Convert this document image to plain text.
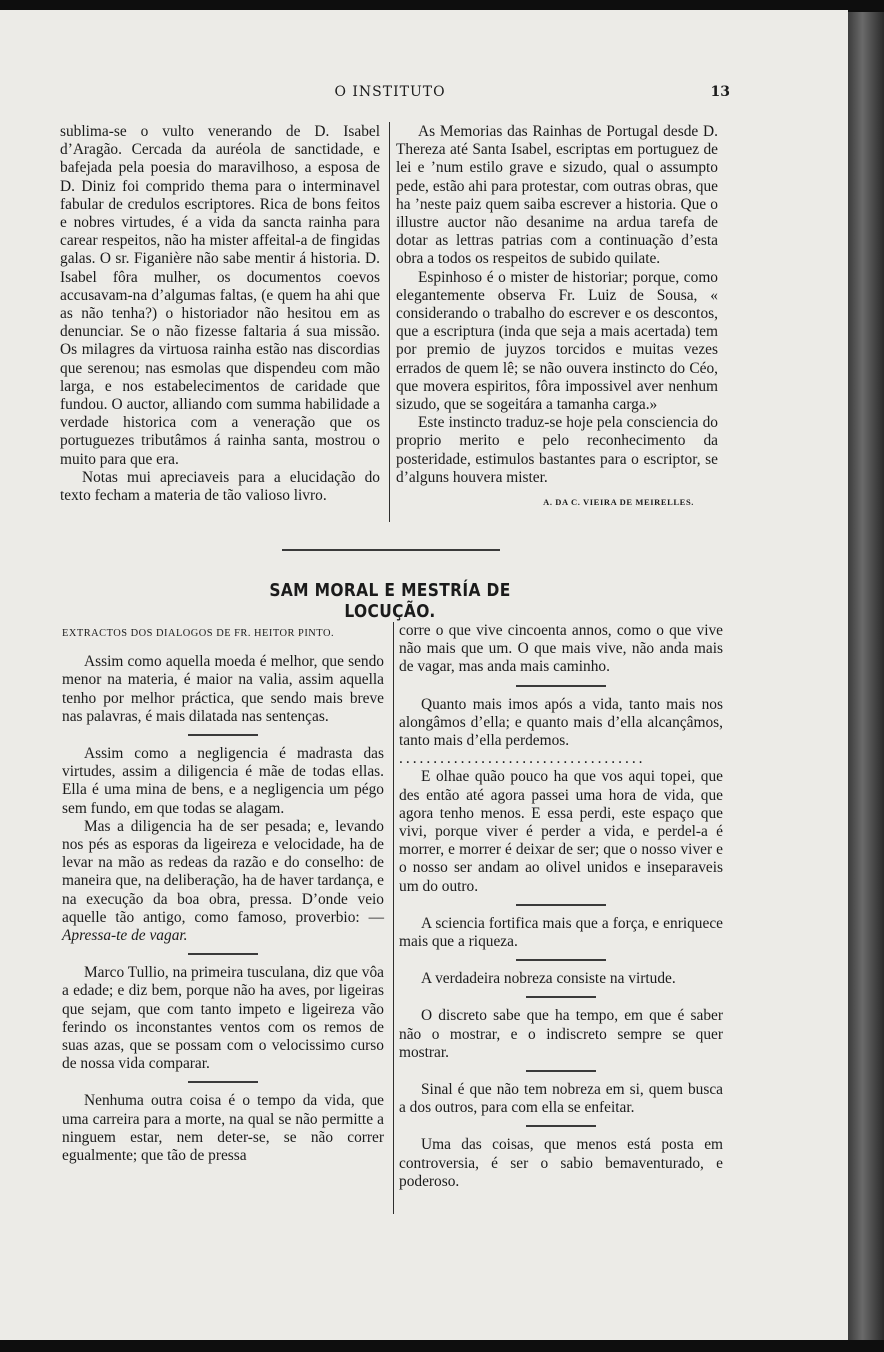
O INSTITUTO	13

sublima-se o vulto venerando de D. Isabel d’Aragão. Cercada da auréola de sanctidade, e bafejada pela poesia do maravilhoso, a esposa de D. Diniz foi comprido thema para o interminavel fabular de credulos escriptores. Rica de bons feitos e nobres virtudes, é a vida da sancta rainha para carear respeitos, não ha mister affeital-a de fingidas galas. O sr. Figanière não sabe mentir á historia. D. Isabel fôra mulher, os documentos coevos accusavam-na d’algumas faltas, (e quem ha ahi que as não tenha?) o historiador não hesitou em as denunciar. Se o não fizesse faltaria á sua missão. Os milagres da virtuosa rainha estão nas discordias que serenou; nas esmolas que dispendeu com mão larga, e nos estabelecimentos de caridade que fundou. O auctor, alliando com summa habilidade a verdade historica com a veneração que os portuguezes tributâmos á rainha santa, mostrou o muito para que era.

Notas mui apreciaveis para a elucidação do texto fecham a materia de tão valioso livro.

As Memorias das Rainhas de Portugal desde D. Thereza até Santa Isabel, escriptas em portuguez de lei e ’num estilo grave e sizudo, qual o assumpto pede, estão ahi para protestar, com outras obras, que ha ’neste paiz quem saiba escrever a historia. Que o illustre auctor não desanime na ardua tarefa de dotar as lettras patrias com a continuação d’esta obra a todos os respeitos de subido quilate.

Espinhoso é o mister de historiar; porque, como elegantemente observa Fr. Luiz de Sousa, « considerando o trabalho do escrever e os descontos, que a escriptura (inda que seja a mais acertada) tem por premio de juyzos torcidos e muitas vezes errados de quem lê; se não ouvera instincto do Céo, que movera espiritos, fôra impossivel aver nenhum sizudo, que se sogeitára a tamanha carga.»

Este instincto traduz-se hoje pela consciencia do proprio merito e pelo reconhecimento da posteridade, estimulos bastantes para o escriptor, se d’alguns houvera mister.

A. DA C. VIEIRA DE MEIRELLES.
SAM MORAL E MESTRÍA DE LOCUÇÃO.

EXTRACTOS DOS DIALOGOS DE FR. HEITOR PINTO.

Assim como aquella moeda é melhor, que sendo menor na materia, é maior na valia, assim aquella tenho por melhor práctica, que sendo mais breve nas palavras, é mais dilatada nas sentenças.

Assim como a negligencia é madrasta das virtudes, assim a diligencia é mãe de todas ellas. Ella é uma mina de bens, e a negligencia um pégo sem fundo, em que todas se alagam.

Mas a diligencia ha de ser pesada; e, levando nos pés as esporas da ligeireza e velocidade, ha de levar na mão as redeas da razão e do conselho: de maneira que, na deliberação, ha de haver tardança, e na execução da boa obra, pressa. D’onde veio aquelle tão antigo, como famoso, proverbio: —Apressa-te de vagar.

Marco Tullio, na primeira tusculana, diz que vôa a edade; e diz bem, porque não ha aves, por ligeiras que sejam, que com tanto impeto e ligeireza vão ferindo os inconstantes ventos com os remos de suas azas, que se possam com o velocissimo curso de nossa vida comparar.

Nenhuma outra coisa é o tempo da vida, que uma carreira para a morte, na qual se não permitte a ninguem estar, nem deter-se, se não correr egualmente; que tão de pressa

corre o que vive cincoenta annos, como o que vive não mais que um. O que mais vive, não anda mais de vagar, mas anda mais caminho.

Quanto mais imos após a vida, tanto mais nos alongâmos d’ella; e quanto mais d’ella alcançâmos, tanto mais d’ella perdemos.

....................................

E olhae quão pouco ha que vos aqui topei, que des então até agora passei uma hora de vida, que agora tenho menos. E essa perdi, este espaço que vivi, porque viver é perder a vida, e perdel-a é morrer, e morrer é deixar de ser; que o nosso viver e o nosso ser andam ao olivel unidos e inseparaveis um do outro.

A sciencia fortifica mais que a força, e enriquece mais que a riqueza.

A verdadeira nobreza consiste na virtude.

O discreto sabe que ha tempo, em que é saber não o mostrar, e o indiscreto sempre se quer mostrar.

Sinal é que não tem nobreza em si, quem busca a dos outros, para com ella se enfeitar.

Uma das coisas, que menos está posta em controversia, é ser o sabio bemaventurado, e poderoso.
